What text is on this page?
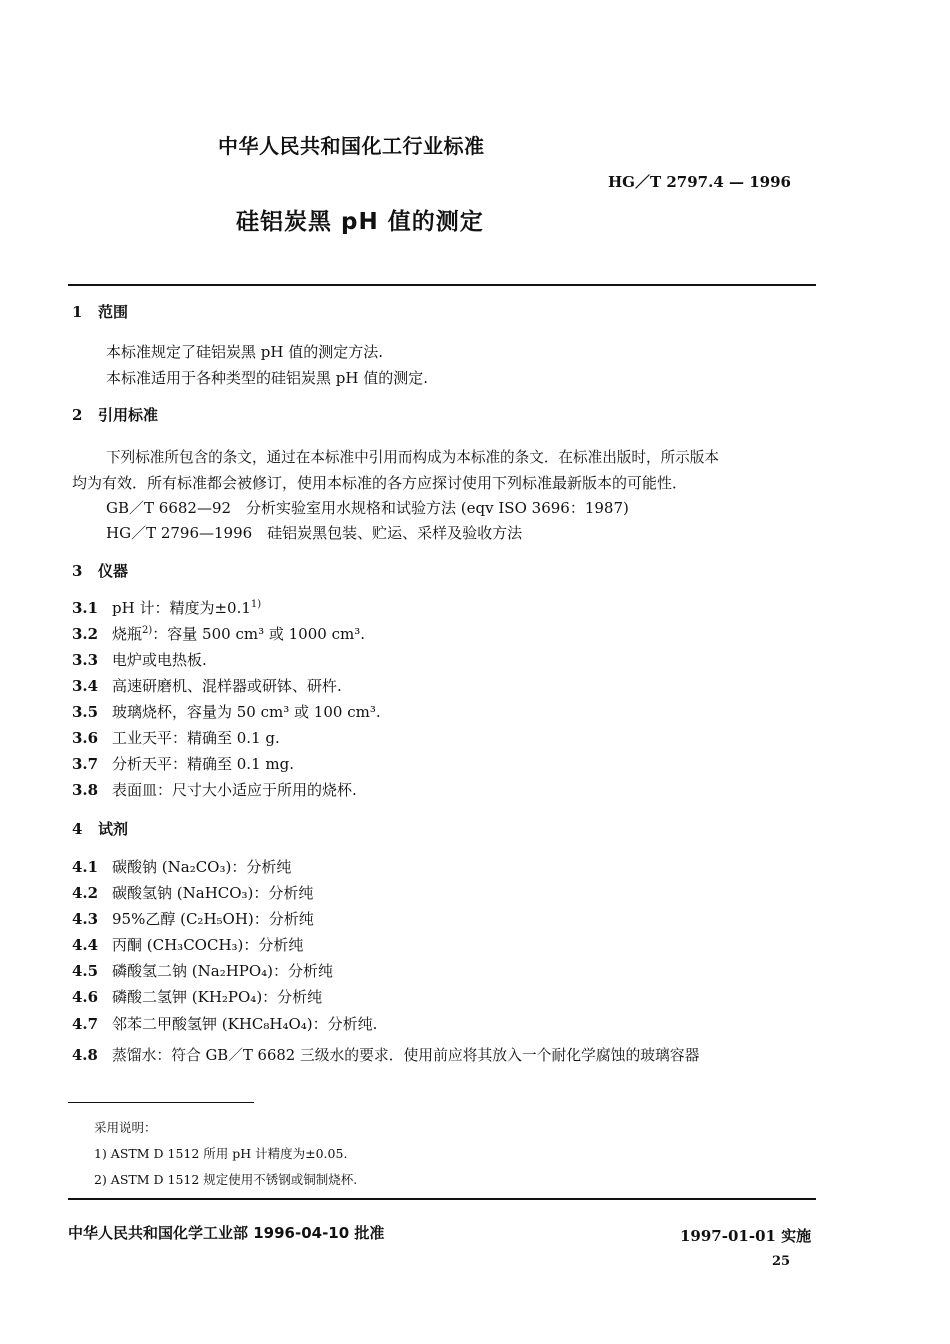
中华人民共和国化工行业标准
HG／T 2797.4 — 1996
硅铝炭黑 pH 值的测定
1 范围
本标准规定了硅铝炭黑 pH 值的测定方法.
本标准适用于各种类型的硅铝炭黑 pH 值的测定.
2 引用标准
下列标准所包含的条文，通过在本标准中引用而构成为本标准的条文．在标准出版时，所示版本
均为有效．所有标准都会被修订，使用本标准的各方应探讨使用下列标准最新版本的可能性．
GB／T 6682—92　分析实验室用水规格和试验方法 (eqv ISO 3696：1987)
HG／T 2796—1996　硅铝炭黑包装、贮运、采样及验收方法
3 仪器
3.1 pH 计：精度为$\pm 0.1^{1)}$
3.2 烧瓶$^{2)}$：容量 500 cm³ 或 1000 cm³.
3.3 电炉或电热板.
3.4 高速研磨机、混样器或研钵、研杵.
3.5 玻璃烧杯，容量为 50 cm³ 或 100 cm³.
3.6 工业天平：精确至 0.1 g.
3.7 分析天平：精确至 0.1 mg.
3.8 表面皿：尺寸大小适应于所用的烧杯.
4 试剂
4.1 碳酸钠 (Na₂CO₃)：分析纯
4.2 碳酸氢钠 (NaHCO₃)：分析纯
4.3 95%乙醇 (C₂H₅OH)：分析纯
4.4 丙酮 (CH₃COCH₃)：分析纯
4.5 磷酸氢二钠 (Na₂HPO₄)：分析纯
4.6 磷酸二氢钾 (KH₂PO₄)：分析纯
4.7 邻苯二甲酸氢钾 (KHC₈H₄O₄)：分析纯.
4.8 蒸馏水：符合 GB／T 6682 三级水的要求．使用前应将其放入一个耐化学腐蚀的玻璃容器
采用说明：
1) ASTM D 1512 所用 pH 计精度为±0.05.
2) ASTM D 1512 规定使用不锈钢或铜制烧杯.
中华人民共和国化学工业部 1996-04-10 批准	1997-01-01 实施
25
